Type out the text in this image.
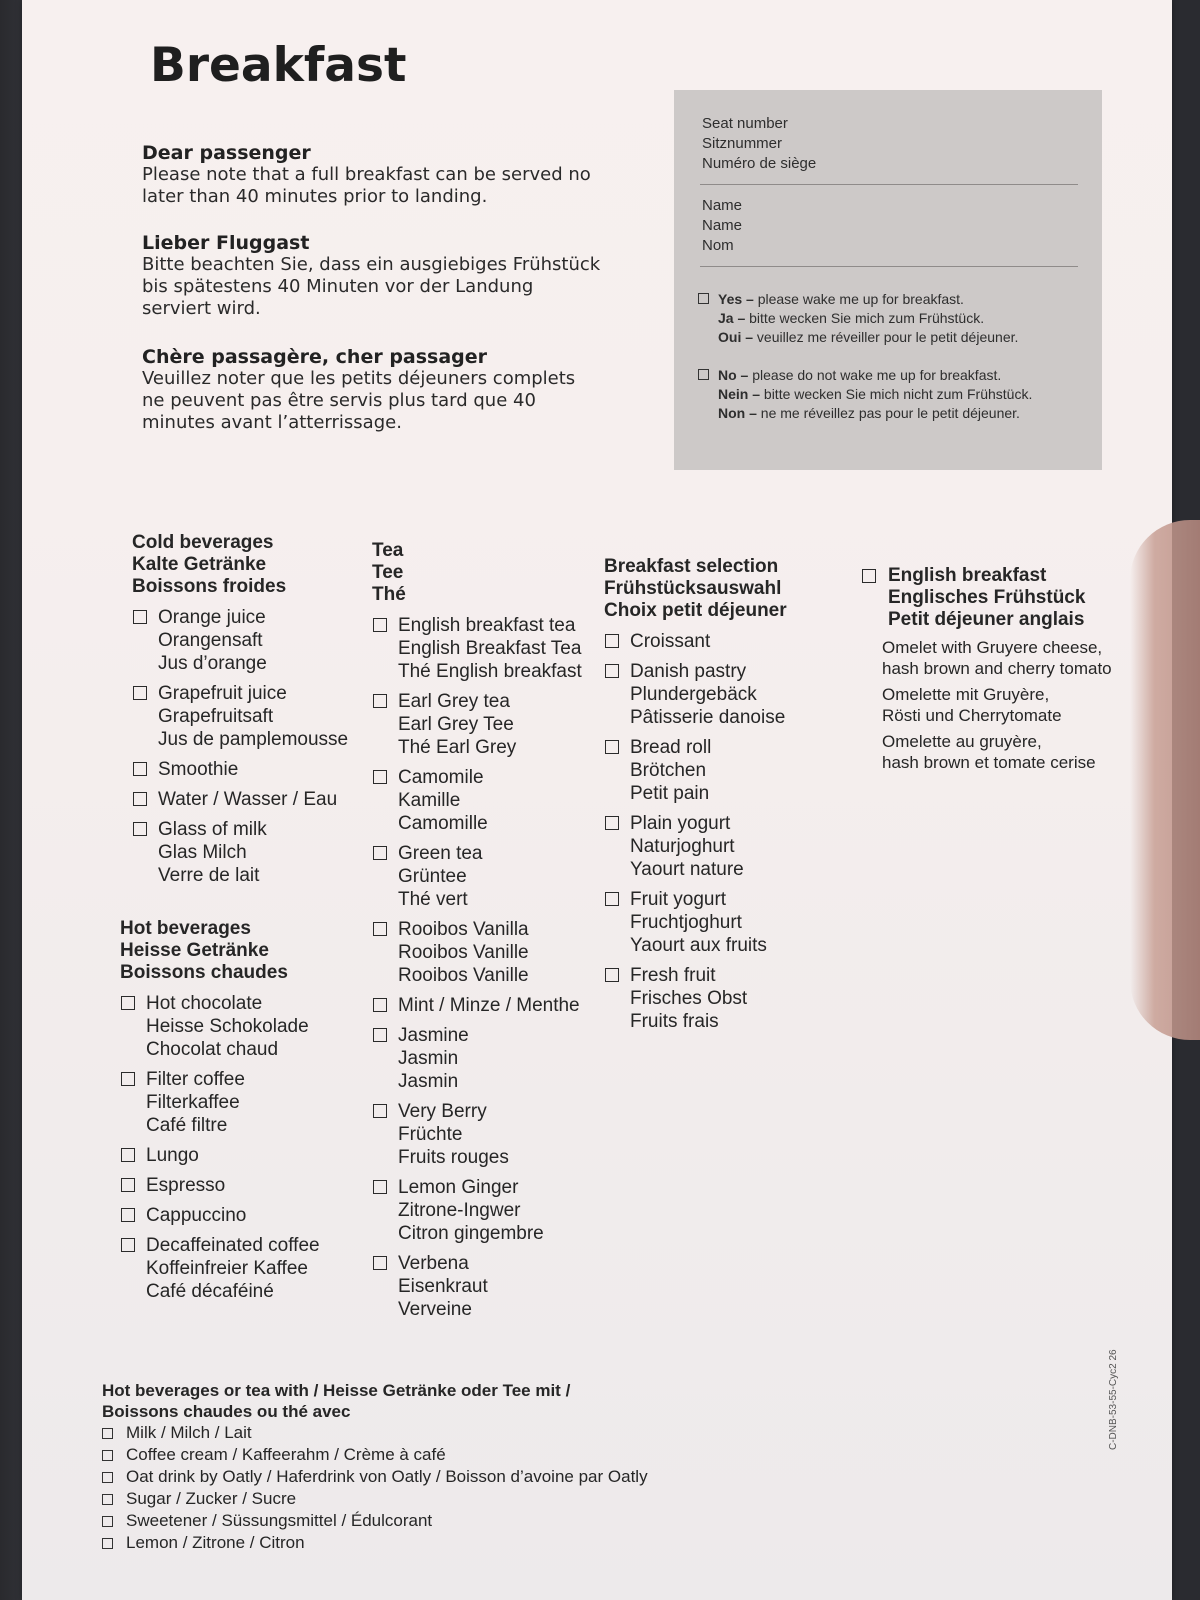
Breakfast
Dear passenger

Please note that a full breakfast can be served no later than 40 minutes prior to landing.

Lieber Fluggast

Bitte beachten Sie, dass ein ausgiebiges Frühstück bis spätestens 40 Minuten vor der Landung serviert wird.

Chère passagère, cher passager

Veuillez noter que les petits déjeuners complets ne peuvent pas être servis plus tard que 40 minutes avant l’atterrissage.

Seat number
Sitznummer
Numéro de siège
Name
Name
Nom
Yes – please wake me up for breakfast.
Ja – bitte wecken Sie mich zum Frühstück.
Oui – veuillez me réveiller pour le petit déjeuner.
No – please do not wake me up for breakfast.
Nein – bitte wecken Sie mich nicht zum Frühstück.
Non – ne me réveillez pas pour le petit déjeuner.
Cold beverages
Kalte Getränke
Boissons froides
Orange juice
Orangensaft
Jus d’orange
Grapefruit juice
Grapefruitsaft
Jus de pamplemousse
Smoothie
Water / Wasser / Eau
Glass of milk
Glas Milch
Verre de lait
Hot beverages
Heisse Getränke
Boissons chaudes
Hot chocolate
Heisse Schokolade
Chocolat chaud
Filter coffee
Filterkaffee
Café filtre
Lungo
Espresso
Cappuccino
Decaffeinated coffee
Koffeinfreier Kaffee
Café décaféiné
Tea
Tee
Thé
English breakfast tea
English Breakfast Tea
Thé English breakfast
Earl Grey tea
Earl Grey Tee
Thé Earl Grey
Camomile
Kamille
Camomille
Green tea
Grüntee
Thé vert
Rooibos Vanilla
Rooibos Vanille
Rooibos Vanille
Mint / Minze / Menthe
Jasmine
Jasmin
Jasmin
Very Berry
Früchte
Fruits rouges
Lemon Ginger
Zitrone-Ingwer
Citron gingembre
Verbena
Eisenkraut
Verveine
Breakfast selection
Frühstücksauswahl
Choix petit déjeuner
Croissant
Danish pastry
Plundergebäck
Pâtisserie danoise
Bread roll
Brötchen
Petit pain
Plain yogurt
Naturjoghurt
Yaourt nature
Fruit yogurt
Fruchtjoghurt
Yaourt aux fruits
Fresh fruit
Frisches Obst
Fruits frais
English breakfast
Englisches Frühstück
Petit déjeuner anglais

Omelet with Gruyere cheese,
hash brown and cherry tomato

Omelette mit Gruyère,
Rösti und Cherrytomate

Omelette au gruyère,
hash brown et tomate cerise

Hot beverages or tea with / Heisse Getränke oder Tee mit /
Boissons chaudes ou thé avec
Milk / Milch / Lait
Coffee cream / Kaffeerahm / Crème à café
Oat drink by Oatly / Haferdrink von Oatly / Boisson d’avoine par Oatly
Sugar / Zucker / Sucre
Sweetener / Süssungsmittel / Édulcorant
Lemon / Zitrone / Citron
C-DNB-53-55-Cyc2 26
